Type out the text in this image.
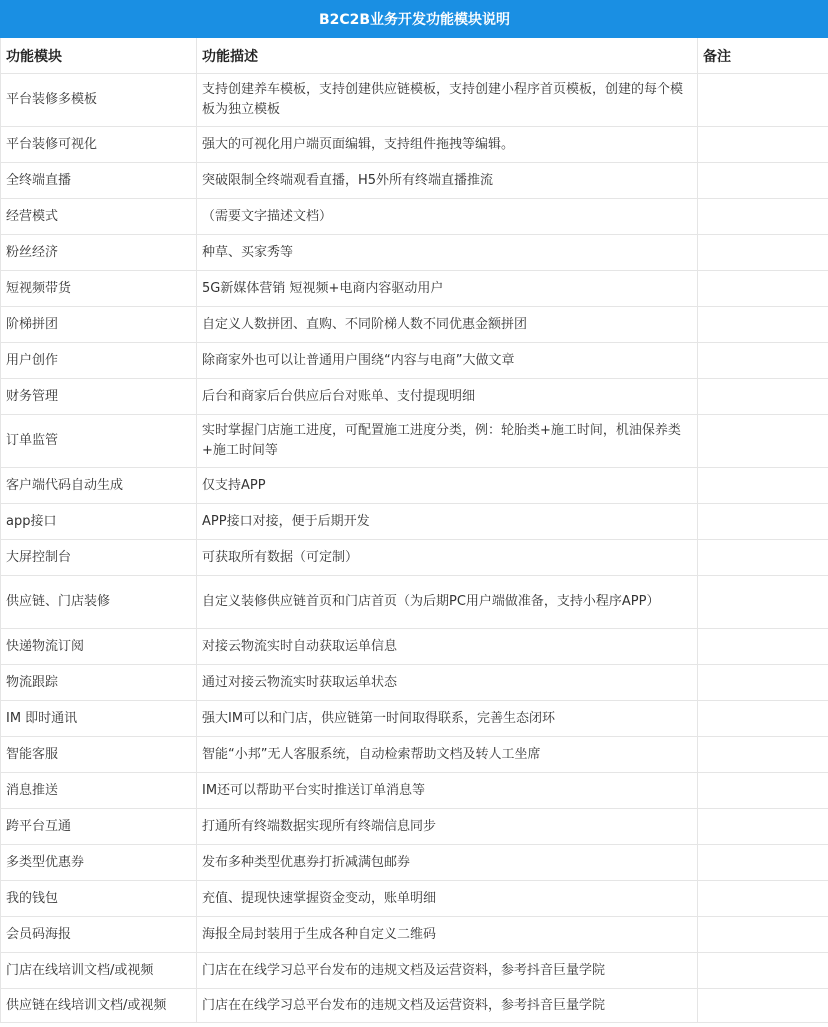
B2C2B业务开发功能模块说明		
功能模块	功能描述	备注
平台装修多模板	支持创建养车模板，支持创建供应链模板，支持创建小程序首页模板，创建的每个模板为独立模板	
平台装修可视化	强大的可视化用户端页面编辑，支持组件拖拽等编辑。	
全终端直播	突破限制全终端观看直播，H5外所有终端直播推流	
经营模式	（需要文字描述文档）	
粉丝经济	种草、买家秀等	
短视频带货	5G新媒体营销 短视频+电商内容驱动用户	
阶梯拼团	自定义人数拼团、直购、不同阶梯人数不同优惠金额拼团	
用户创作	除商家外也可以让普通用户围绕“内容与电商”大做文章	
财务管理	后台和商家后台供应后台对账单、支付提现明细	
订单监管	实时掌握门店施工进度，可配置施工进度分类，例：轮胎类+施工时间，机油保养类+施工时间等	
客户端代码自动生成	仅支持APP	
app接口	APP接口对接，便于后期开发	
大屏控制台	可获取所有数据（可定制）	
供应链、门店装修	自定义装修供应链首页和门店首页（为后期PC用户端做准备，支持小程序APP）	
快递物流订阅	对接云物流实时自动获取运单信息	
物流跟踪	通过对接云物流实时获取运单状态	
IM 即时通讯	强大IM可以和门店，供应链第一时间取得联系，完善生态闭环	
智能客服	智能“小邦”无人客服系统，自动检索帮助文档及转人工坐席	
消息推送	IM还可以帮助平台实时推送订单消息等	
跨平台互通	打通所有终端数据实现所有终端信息同步	
多类型优惠券	发布多种类型优惠券打折减满包邮券	
我的钱包	充值、提现快速掌握资金变动，账单明细	
会员码海报	海报全局封装用于生成各种自定义二维码	
门店在线培训文档/或视频	门店在在线学习总平台发布的违规文档及运营资料，参考抖音巨量学院	
供应链在线培训文档/或视频	门店在在线学习总平台发布的违规文档及运营资料，参考抖音巨量学院	
